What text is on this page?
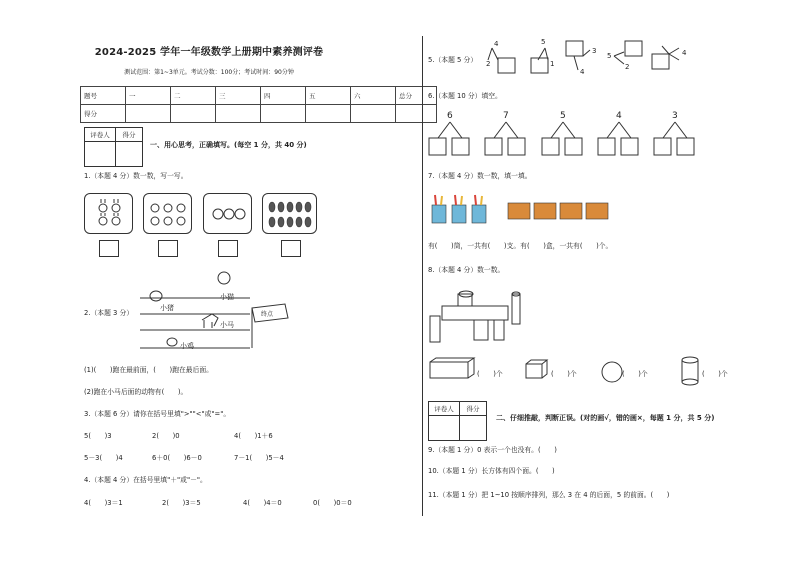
2024-2025 学年一年级数学上册期中素养测评卷
测试范围：第1~3单元。考试分数：100分；考试时间：90分钟
题号	一	二	三	四	五	六	总分
得分							
评卷人	得分

一、用心思考，正确填写。(每空 1 分，共 40 分)
1.（本题 4 分）数一数，写一写。
2.（本题 3 分）
小猫
小猪
小马
小鸡
终点
(1)(　　)跑在最前面，(　　)跑在最后面。
(2)跑在小马后面的动物有(　　)。
3.（本题 6 分）请你在括号里填">""<"或"="。
5(　　)3	2(　　)0	4(　　)1＋6
5－3(　　)4	6＋0(　　)6－0	7－1(　　)5－4
4.（本题 4 分）在括号里填"＋"或"－"。
4(　　)3＝1	2(　　)3＝5	4(　　)4＝0	0(　　)0＝0
5.（本题 5 分）
4
2
5
1
3
4
5
2
4
6.（本题 10 分）填空。
6	7	5	4	3
7.（本题 4 分）数一数，填一填。
有(　　)筒，一共有(　　)支。有(　　)盒，一共有(　　)个。
8.（本题 4 分）数一数。
(　　)个	(　　)个	(　　)个	(　　)个
评卷人	得分

二、仔细推敲，判断正误。(对的画√，错的画×，每题 1 分，共 5 分)
9.（本题 1 分）0 表示一个也没有。(　　)
10.（本题 1 分）长方体有四个面。(　　)
11.（本题 1 分）把 1~10 按顺序排列，那么 3 在 4 的后面，5 的前面。(　　)
